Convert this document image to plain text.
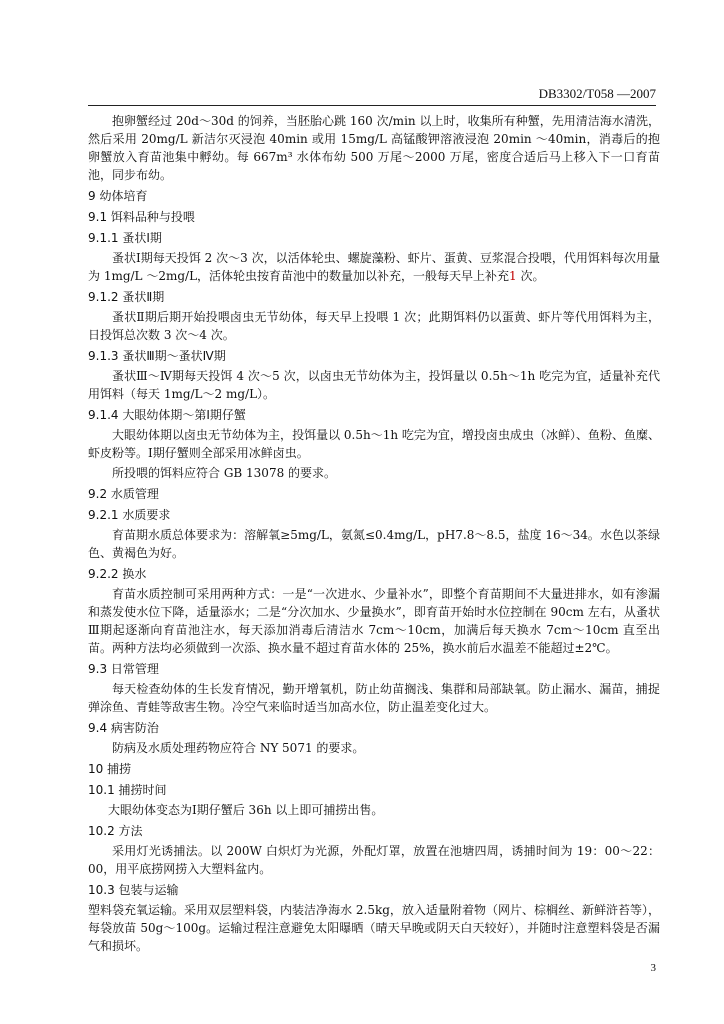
DB3302/T058 —2007

抱卵蟹经过 20d～30d 的饲养，当胚胎心跳 160 次/min 以上时，收集所有种蟹，先用清洁海水清洗，然后采用 20mg/L 新洁尔灭浸泡 40min 或用 15mg/L 高锰酸钾溶液浸泡 20min ～40min，消毒后的抱卵蟹放入育苗池集中孵幼。每 667m³ 水体布幼 500 万尾～2000 万尾，密度合适后马上移入下一口育苗池，同步布幼。

9 幼体培育
9.1 饵料品种与投喂
9.1.1 蚤状Ⅰ期

蚤状Ⅰ期每天投饵 2 次～3 次，以活体轮虫、螺旋藻粉、虾片、蛋黄、豆浆混合投喂，代用饵料每次用量为 1mg/L ～2mg/L，活体轮虫按育苗池中的数量加以补充，一般每天早上补充1 次。

9.1.2 蚤状Ⅱ期

蚤状Ⅱ期后期开始投喂卤虫无节幼体，每天早上投喂 1 次；此期饵料仍以蛋黄、虾片等代用饵料为主，日投饵总次数 3 次～4 次。

9.1.3 蚤状Ⅲ期～蚤状Ⅳ期

蚤状Ⅲ～Ⅳ期每天投饵 4 次～5 次，以卤虫无节幼体为主，投饵量以 0.5h～1h 吃完为宜，适量补充代用饵料（每天 1mg/L～2 mg/L）。

9.1.4 大眼幼体期～第Ⅰ期仔蟹

大眼幼体期以卤虫无节幼体为主，投饵量以 0.5h～1h 吃完为宜，增投卤虫成虫（冰鲜）、鱼粉、鱼糜、虾皮粉等。Ⅰ期仔蟹则全部采用冰鲜卤虫。

所投喂的饵料应符合 GB 13078 的要求。

9.2 水质管理
9.2.1 水质要求

育苗期水质总体要求为：溶解氧≥5mg/L，氨氮≤0.4mg/L，pH7.8～8.5，盐度 16～34。水色以茶绿色、黄褐色为好。

9.2.2 换水

育苗水质控制可采用两种方式：一是“一次进水、少量补水”，即整个育苗期间不大量进排水，如有渗漏和蒸发使水位下降，适量添水；二是“分次加水、少量换水”，即育苗开始时水位控制在 90cm 左右，从蚤状Ⅲ期起逐渐向育苗池注水，每天添加消毒后清洁水 7cm～10cm，加满后每天换水 7cm～10cm 直至出苗。两种方法均必须做到一次添、换水量不超过育苗水体的 25%，换水前后水温差不能超过±2℃。

9.3 日常管理

每天检查幼体的生长发育情况，勤开增氧机，防止幼苗搁浅、集群和局部缺氧。防止漏水、漏苗，捕捉弹涂鱼、青蛙等敌害生物。冷空气来临时适当加高水位，防止温差变化过大。

9.4 病害防治

防病及水质处理药物应符合 NY 5071 的要求。

10 捕捞
10.1 捕捞时间

大眼幼体变态为Ⅰ期仔蟹后 36h 以上即可捕捞出售。

10.2 方法

采用灯光诱捕法。以 200W 白炽灯为光源，外配灯罩，放置在池塘四周，诱捕时间为 19：00～22：00，用平底捞网捞入大塑料盆内。

10.3 包装与运输

塑料袋充氧运输。采用双层塑料袋，内装洁净海水 2.5kg，放入适量附着物（网片、棕榈丝、新鲜浒苔等），每袋放苗 50g～100g。运输过程注意避免太阳曝晒（晴天早晚或阴天白天较好），并随时注意塑料袋是否漏气和损坏。

3
